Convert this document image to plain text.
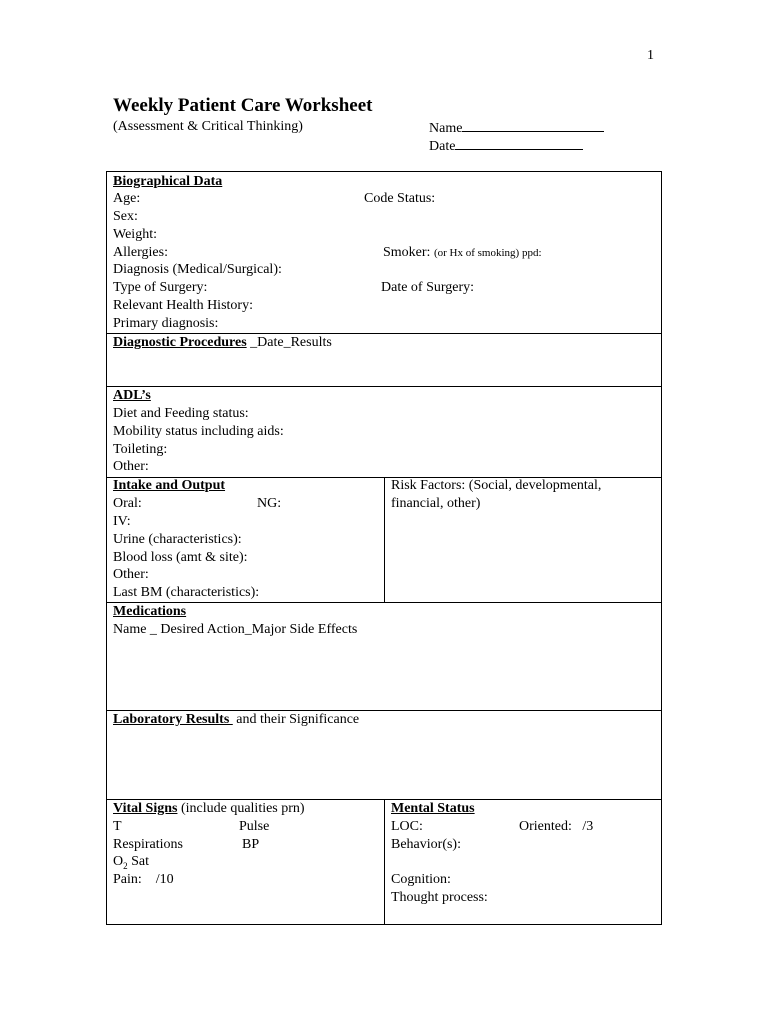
1
Weekly Patient Care Worksheet
(Assessment & Critical Thinking)	Name
Date
Biographical Data
Age:	Code Status:
Sex:
Weight:
Allergies:	Smoker: (or Hx of smoking) ppd:
Diagnosis (Medical/Surgical):
Type of Surgery:	Date of Surgery:
Relevant Health History:
Primary diagnosis:
Diagnostic Procedures _Date_Results
ADL’s
Diet and Feeding status:
Mobility status including aids:
Toileting:
Other:
Intake and Output
Oral:	NG:
IV:
Urine (characteristics):
Blood loss (amt & site):
Other:
Last BM (characteristics):
Risk Factors: (Social, developmental,
financial, other)
Medications
Name _ Desired Action_Major Side Effects
Laboratory Results  and their Significance
Vital Signs (include qualities prn)
T	Pulse
Respirations	BP
$O_2$ Sat
Pain:    /10
Mental Status
LOC:	Oriented:   /3
Behavior(s):
Cognition:
Thought process:
